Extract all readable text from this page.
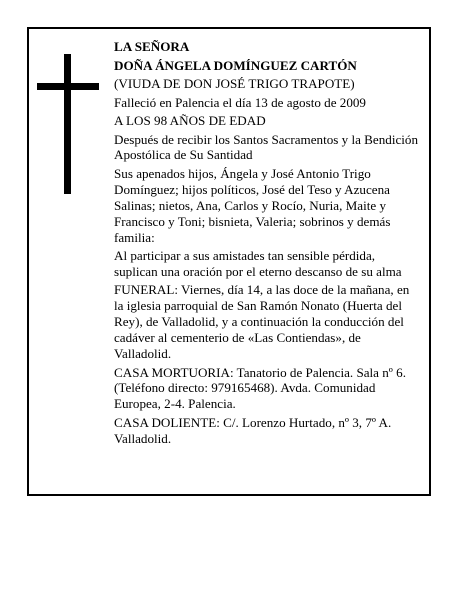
LA SEÑORA

DOÑA ÁNGELA DOMÍNGUEZ CARTÓN

(VIUDA DE DON JOSÉ TRIGO TRAPOTE)

Falleció en Palencia el día 13 de agosto de 2009

A LOS 98 AÑOS DE EDAD

Después de recibir los Santos Sacramentos y la Bendición Apostólica de Su Santidad

Sus apenados hijos, Ángela y José Antonio Trigo Domínguez; hijos políticos, José del Teso y Azucena Salinas; nietos, Ana, Carlos y Rocío, Nuria, Maite y Francisco y Toni; bisnieta, Valeria; sobrinos y demás familia:

Al participar a sus amistades tan sensible pérdida, suplican una oración por el eterno descanso de su alma

FUNERAL: Viernes, día 14, a las doce de la mañana, en la iglesia parroquial de San Ramón Nonato (Huerta del Rey), de Valladolid, y a continuación la conducción del cadáver al cementerio de «Las Contiendas», de Valladolid.

CASA MORTUORIA: Tanatorio de Palencia. Sala nº 6. (Teléfono directo: 979165468). Avda. Comunidad Europea, 2-4. Palencia.

CASA DOLIENTE: C/. Lorenzo Hurtado, nº 3, 7º A. Valladolid.
